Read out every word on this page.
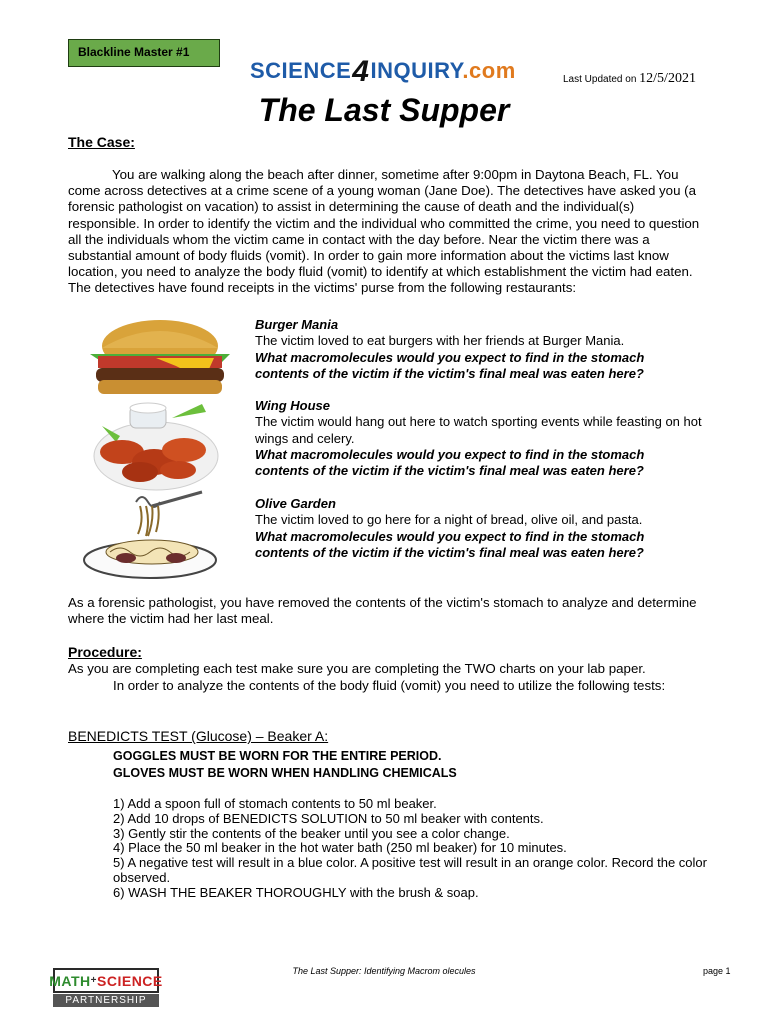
Blackline Master #1
SCIENCE4INQUIRY.com	Last Updated on 12/5/2021
The Last Supper
The Case:
You are walking along the beach after dinner, sometime after 9:00pm in Daytona Beach, FL. You come across detectives at a crime scene of a young woman (Jane Doe). The detectives have asked you (a forensic pathologist on vacation) to assist in determining the cause of death and the individual(s) responsible. In order to identify the victim and the individual who committed the crime, you need to question all the individuals whom the victim came in contact with the day before. Near the victim there was a substantial amount of body fluids (vomit). In order to gain more information about the victims last know location, you need to analyze the body fluid (vomit) to identify at which establishment the victim had eaten. The detectives have found receipts in the victims' purse from the following restaurants:
Burger Mania
The victim loved to eat burgers with her friends at Burger Mania.
What macromolecules would you expect to find in the stomach contents of the victim if the victim's final meal was eaten here?
Wing House
The victim would hang out here to watch sporting events while feasting on hot wings and celery.
What macromolecules would you expect to find in the stomach contents of the victim if the victim's final meal was eaten here?
Olive Garden
The victim loved to go here for a night of bread, olive oil, and pasta.
What macromolecules would you expect to find in the stomach contents of the victim if the victim's final meal was eaten here?
As a forensic pathologist, you have removed the contents of the victim's stomach to analyze and determine where the victim had her last meal.
Procedure:
As you are completing each test make sure you are completing the TWO charts on your lab paper.
In order to analyze the contents of the body fluid (vomit) you need to utilize the following tests:
BENEDICTS TEST (Glucose) – Beaker A:
GOGGLES MUST BE WORN FOR THE ENTIRE PERIOD.
GLOVES MUST BE WORN WHEN HANDLING CHEMICALS
1) Add a spoon full of stomach contents to 50 ml beaker.
2) Add 10 drops of BENEDICTS SOLUTION to 50 ml beaker with contents.
3) Gently stir the contents of the beaker until you see a color change.
4) Place the 50 ml beaker in the hot water bath (250 ml beaker) for 10 minutes.
5) A negative test will result in a blue color. A positive test will result in an orange color. Record the color observed.
6) WASH THE BEAKER THOROUGHLY with the brush & soap.
MATH + SCIENCE
PARTNERSHIP
The Last Supper: Identifying Macrom olecules	page 1
